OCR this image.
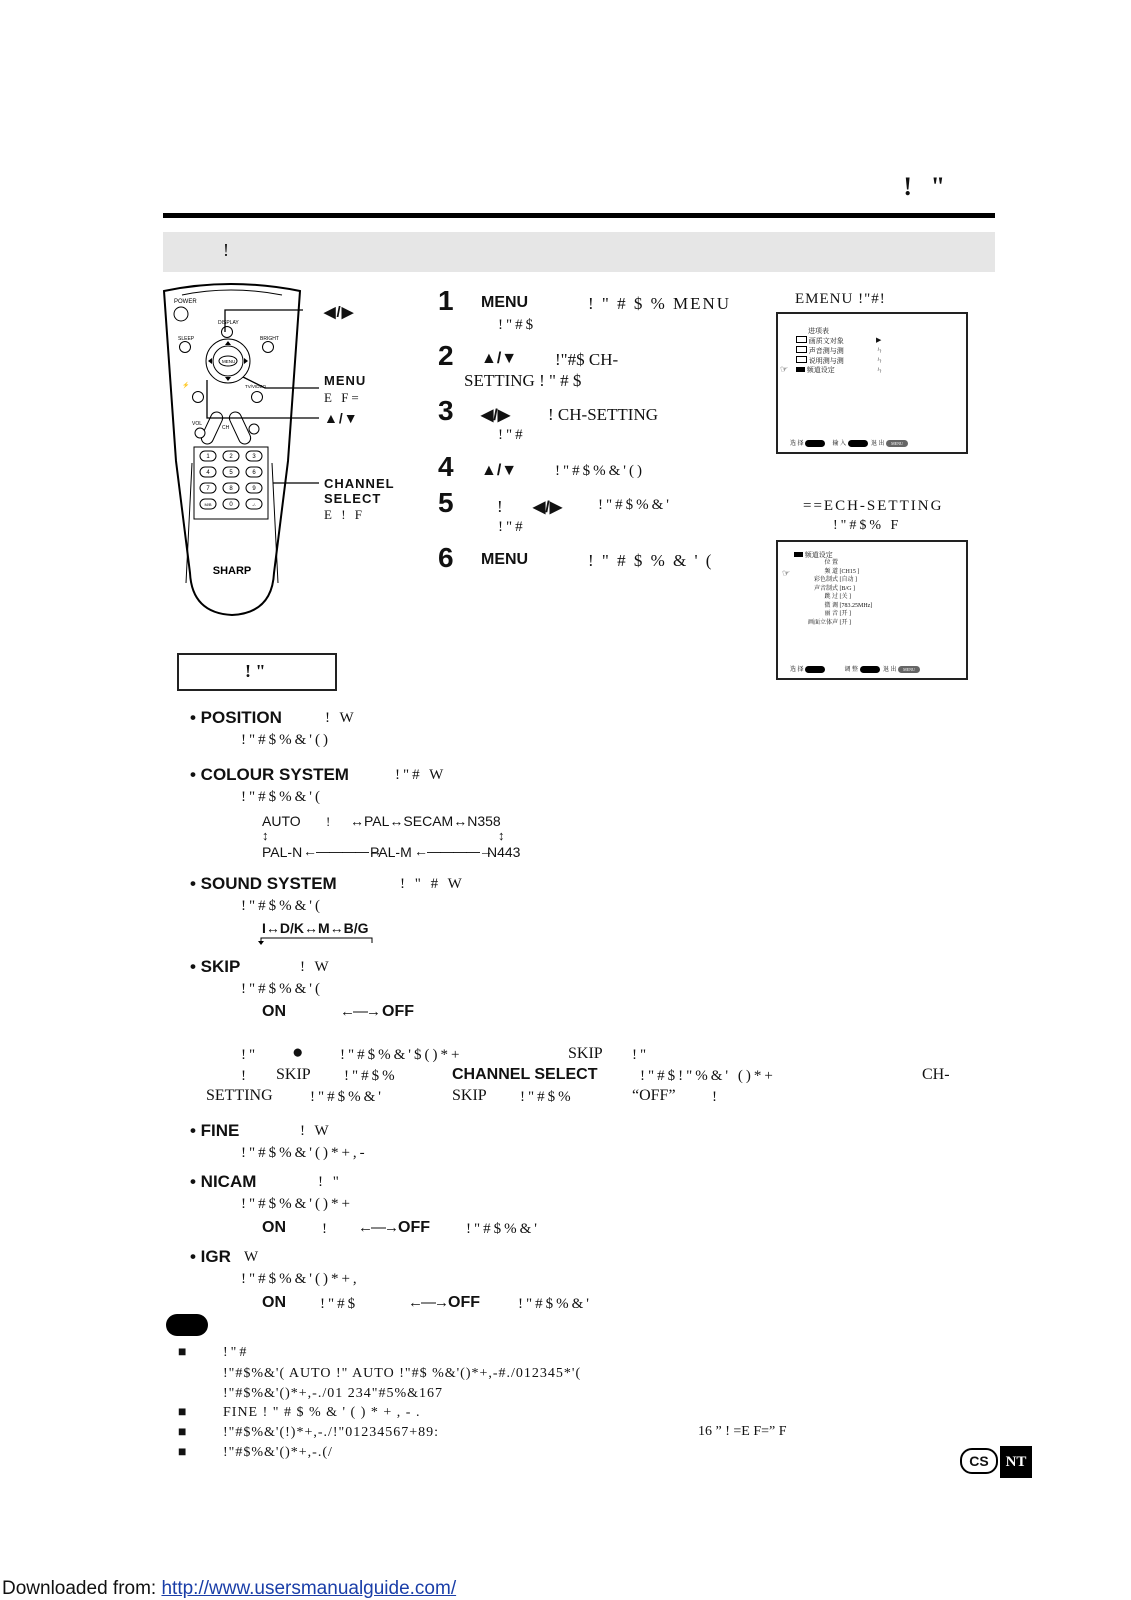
! "
!
POWER
DISPLAY
SLEEP	BRIGHT
MENU
⚡	TV/VIDEO
VOL
CH
1	2	3
4	5	6
7	8	9
M/B	0	-/-
SHARP
◀/▶
MENU
E F=
▲/▼
CHANNEL
SELECT
E ! F
1 MENU	! " # $ % MENU
!"#$
2 ▲/▼ !"#$ CH-
SETTING ! " # $
3 ◀/▶ ! CH-SETTING
!"#
4 ▲/▼	!"#$%&'()
5	! ◀/▶ !"#$%&'
!"#
6 MENU	! " # $ % & ' (
EMENU !"#!
进项表
画质文对象	▶
声音测与测	ㄣ
说明测与测	ㄣ
频道设定	ㄣ
☞
选 择	输 入	退 出 MENU
==ECH-SETTING
!"#$% F
频道设定
☞
位 置
频 道 [CH15 ]
彩色制式 [自动 ]
声音制式 [B/G ]
跳 过 [关 ]
微 调 [783.25MHz]
丽 音 [开 ]
画面立体声 [开 ]
选 择	调 整	退 出 MENU
! "
• POSITION	! W
!"#$%&'()
• COLOUR SYSTEM	!"# W
!"#$%&'(
AUTO ! ↔PAL↔SECAM↔N358
↕	↕
PAL-N ←――――→
PAL-M ←――――→
N443
• SOUND SYSTEM	! " # W
!"#$%&'(
I↔D/K↔M↔B/G
• SKIP	! W
!"#$%&'(
ON	←―→ OFF
!" ● !"#$%&'$()*+	SKIP !"
! SKIP !"#$%	CHANNEL SELECT	!"#$!"%&' ()*+	CH-
SETTING !"#$%&'	SKIP !"#$%	“OFF” !
• FINE	! W
!"#$%&'()*+,-
• NICAM	! "
!"#$%&'()*+
ON ! ←―→ OFF !"#$%&'
• IGR W
!"#$%&'()*+,
ON !"#$	←―→ OFF	!"#$%&'
■	!"#
!"#$%&'( AUTO !" AUTO !"#$ %&'()*+,-#./012345*'(
!"#$%&'()*+,-./01 234"#5%&167
■	FINE ! " # $ % & ' ( ) * + , - .
■	!"#$%&'(!)*+,-./!"01234567+89:	16 ” ! =E F=” F
■	!"#$%&'()*+,-.(/
CS	NT
Downloaded from: http://www.usersmanualguide.com/
